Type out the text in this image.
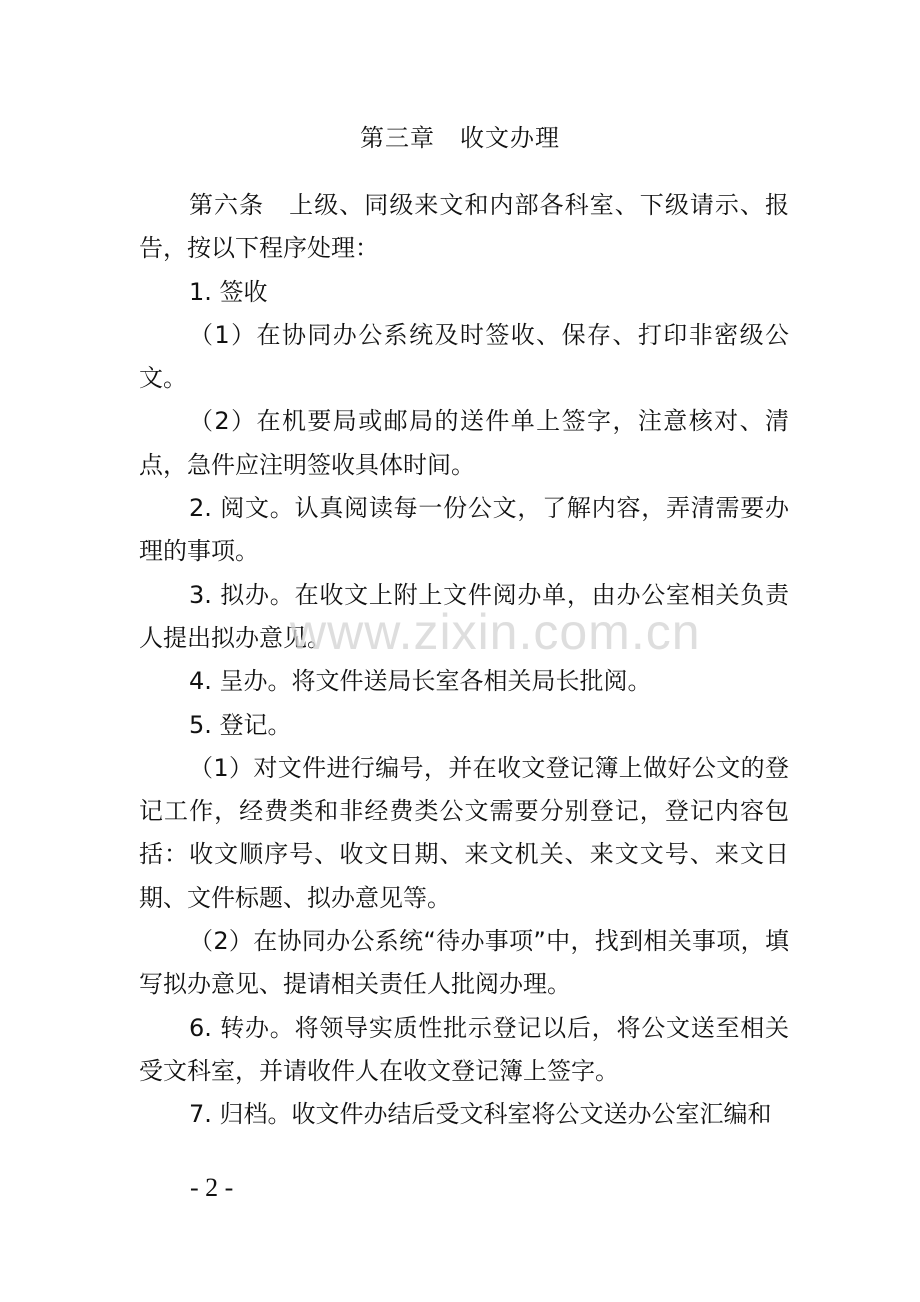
第三章　收文办理

第六条　上级、同级来文和内部各科室、下级请示、报告，按以下程序处理：

1. 签收

（1）在协同办公系统及时签收、保存、打印非密级公文。

（2）在机要局或邮局的送件单上签字，注意核对、清点，急件应注明签收具体时间。

2. 阅文。认真阅读每一份公文，了解内容，弄清需要办理的事项。

3. 拟办。在收文上附上文件阅办单，由办公室相关负责人提出拟办意见。

4. 呈办。将文件送局长室各相关局长批阅。

5. 登记。

（1）对文件进行编号，并在收文登记簿上做好公文的登记工作，经费类和非经费类公文需要分别登记，登记内容包括：收文顺序号、收文日期、来文机关、来文文号、来文日期、文件标题、拟办意见等。

（2）在协同办公系统“待办事项”中，找到相关事项，填写拟办意见、提请相关责任人批阅办理。

6. 转办。将领导实质性批示登记以后，将公文送至相关受文科室，并请收件人在收文登记簿上签字。

7. 归档。收文件办结后受文科室将公文送办公室汇编和

www.zixin.com.cn
- 2 -
